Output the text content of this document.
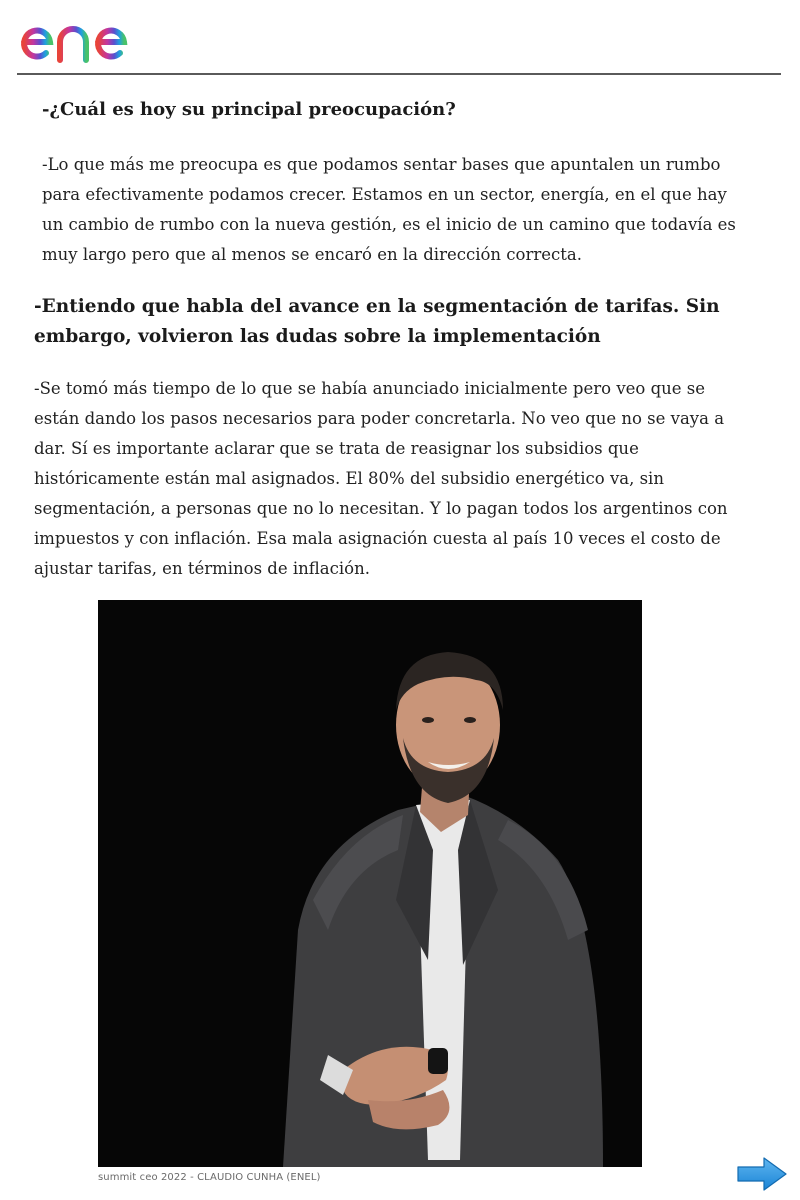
-¿Cuál es hoy su principal preocupación?

-Lo que más me preocupa es que podamos sentar bases que apuntalen un rumbo para efectivamente podamos crecer. Estamos en un sector, energía, en el que hay un cambio de rumbo con la nueva gestión, es el inicio de un camino que todavía es muy largo pero que al menos se encaró en la dirección correcta.

-Entiendo que habla del avance en la segmentación de tarifas. Sin embargo, volvieron las dudas sobre la implementación

-Se tomó más tiempo de lo que se había anunciado inicialmente pero veo que se están dando los pasos necesarios para poder concretarla. No veo que no se vaya a dar. Sí es importante aclarar que se trata de reasignar los subsidios que históricamente están mal asignados. El 80% del subsidio energético va, sin segmentación, a personas que no lo necesitan. Y lo pagan todos los argentinos con impuestos y con inflación. Esa mala asignación cuesta al país 10 veces el costo de ajustar tarifas, en términos de inflación.

summit ceo 2022 - CLAUDIO CUNHA (ENEL)
